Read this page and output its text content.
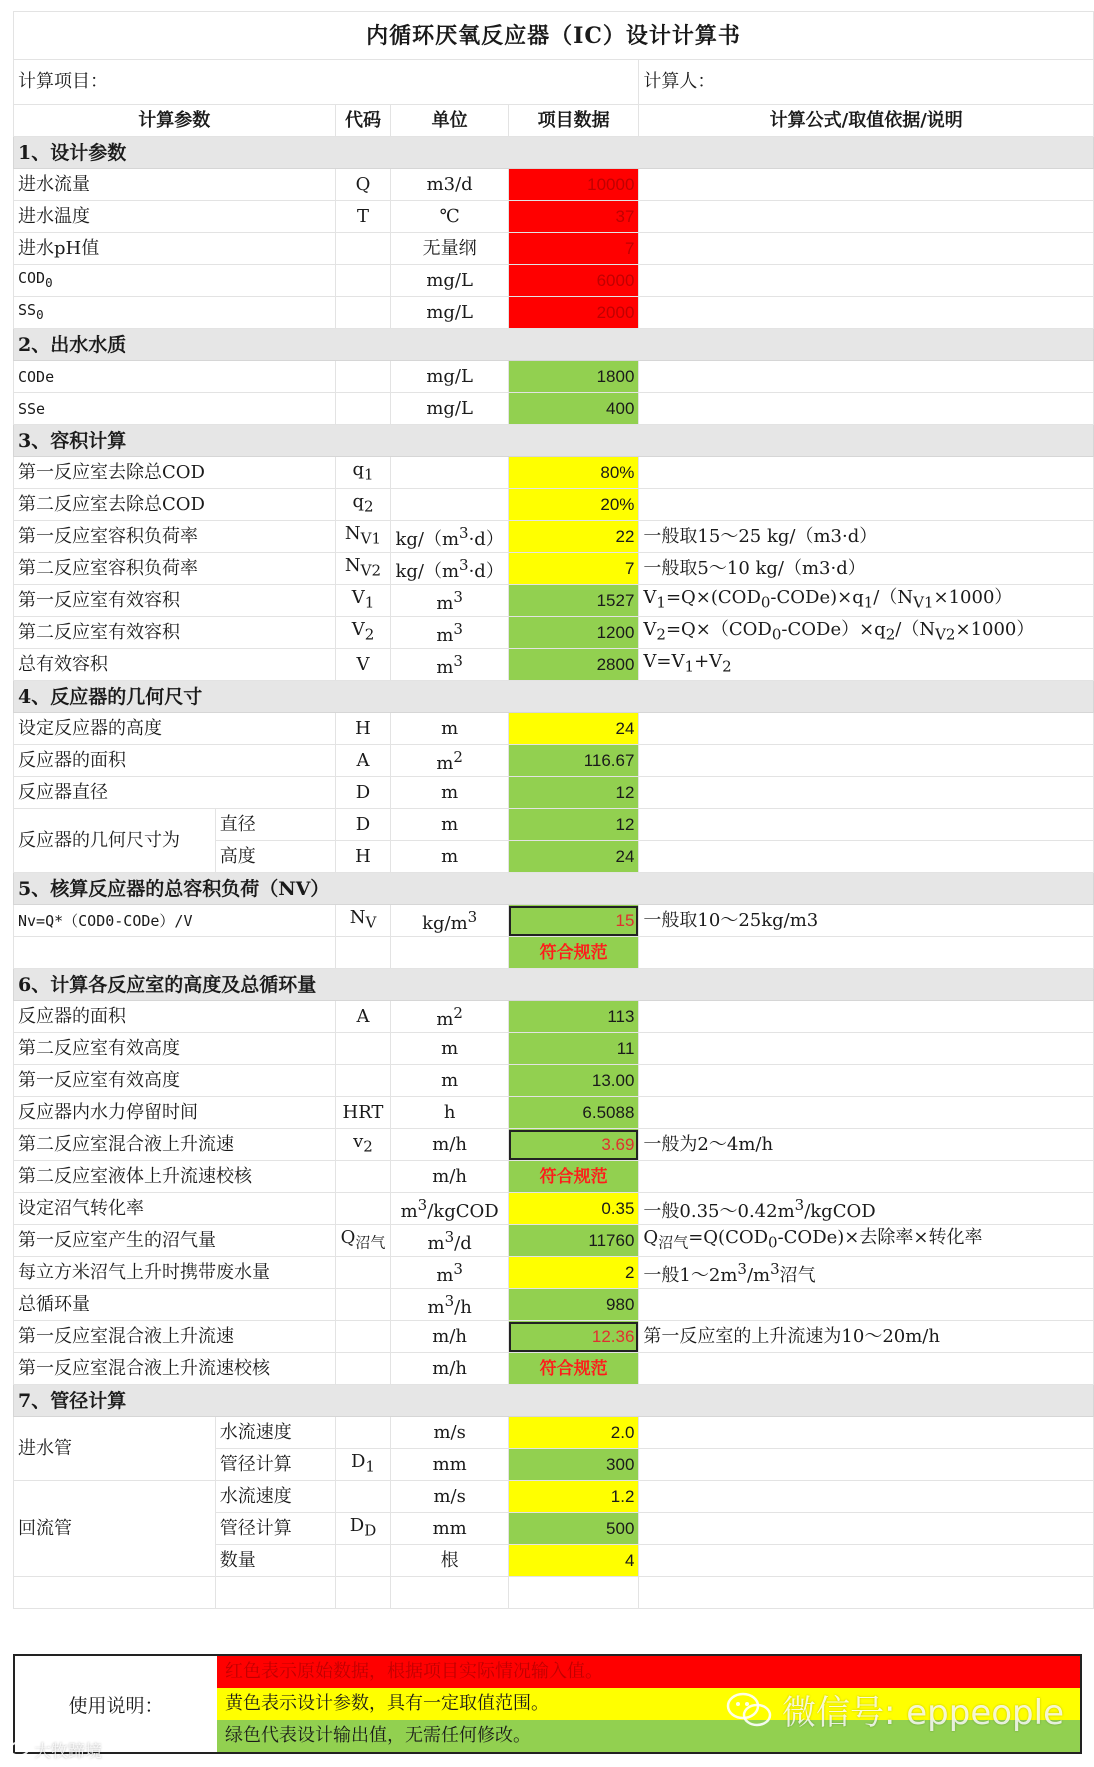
内循环厌氧反应器（IC）设计计算书					
计算项目：					计算人：
计算参数		代码	单位	项目数据	计算公式/取值依据/说明
1、设计参数					
进水流量		Q	m3/d	10000	
进水温度		T	℃	37	
进水pH值			无量纲	7	
$COD_0$			mg/L	6000	
$SS_0$			mg/L	2000	
2、出水水质					
CODe			mg/L	1800	
SSe			mg/L	400	
3、容积计算					
第一反应室去除总COD		$q_1$		80%	
第二反应室去除总COD		$q_2$		20%	
第一反应室容积负荷率		$N_{V1}$	$kg/(m^3\cdot d)$	22	一般取15～25 kg/（m3·d）
第二反应室容积负荷率		$N_{V2}$	$kg/(m^3\cdot d)$	7	一般取5～10 kg/（m3·d）
第一反应室有效容积		$V_1$	$m^3$	1527	$V_1=Q\times(COD_0-CODe)\times q_1/(N_{V1}\times 1000)$
第二反应室有效容积		$V_2$	$m^3$	1200	$V_2=Q\times(COD_0-CODe)\times q_2/(N_{V2}\times 1000)$
总有效容积		V	$m^3$	2800	$V=V_1+V_2$
4、反应器的几何尺寸					
设定反应器的高度		H	m	24	
反应器的面积		A	$m^2$	116.67	
反应器直径		D	m	12	
反应器的几何尺寸为	直径	D	m	12	
	高度	H	m	24	
5、核算反应器的总容积负荷（NV）					
Nv=Q*（COD0-CODe）/V		$N_V$	$kg/m^3$	15	一般取10～25kg/m3
				符合规范	
6、计算各反应室的高度及总循环量					
反应器的面积		A	$m^2$	113	
第二反应室有效高度			m	11	
第一反应室有效高度			m	13.00	
反应器内水力停留时间		HRT	h	6.5088	
第二反应室混合液上升流速		$v_2$	m/h	3.69	一般为2～4m/h
第二反应室液体上升流速校核			m/h	符合规范	
设定沼气转化率			$m^3$/kgCOD	0.35	一般$0.35\sim 0.42m^3$/kgCOD
第一反应室产生的沼气量		$Q_{沼气}$	$m^3/d$	11760	$Q_{沼气}=Q(COD_0-CODe)\times$去除率×转化率
每立方米沼气上升时携带废水量			$m^3$	2	一般$1\sim 2m^3/m^3$沼气
总循环量			$m^3/h$	980	
第一反应室混合液上升流速			m/h	12.36	第一反应室的上升流速为10～20m/h
第一反应室混合液上升流速校核			m/h	符合规范	
7、管径计算					
进水管	水流速度		m/s	2.0	
	管径计算	$D_1$	mm	300	
回流管	水流速度		m/s	1.2	
	管径计算	$D_D$	mm	500	
	数量		根	4	

使用说明：
红色表示原始数据，根据项目实际情况输入值。
黄色表示设计参数，具有一定取值范围。
绿色代表设计输出值，无需任何修改。
微信号: eppeople
大牧蹄境
